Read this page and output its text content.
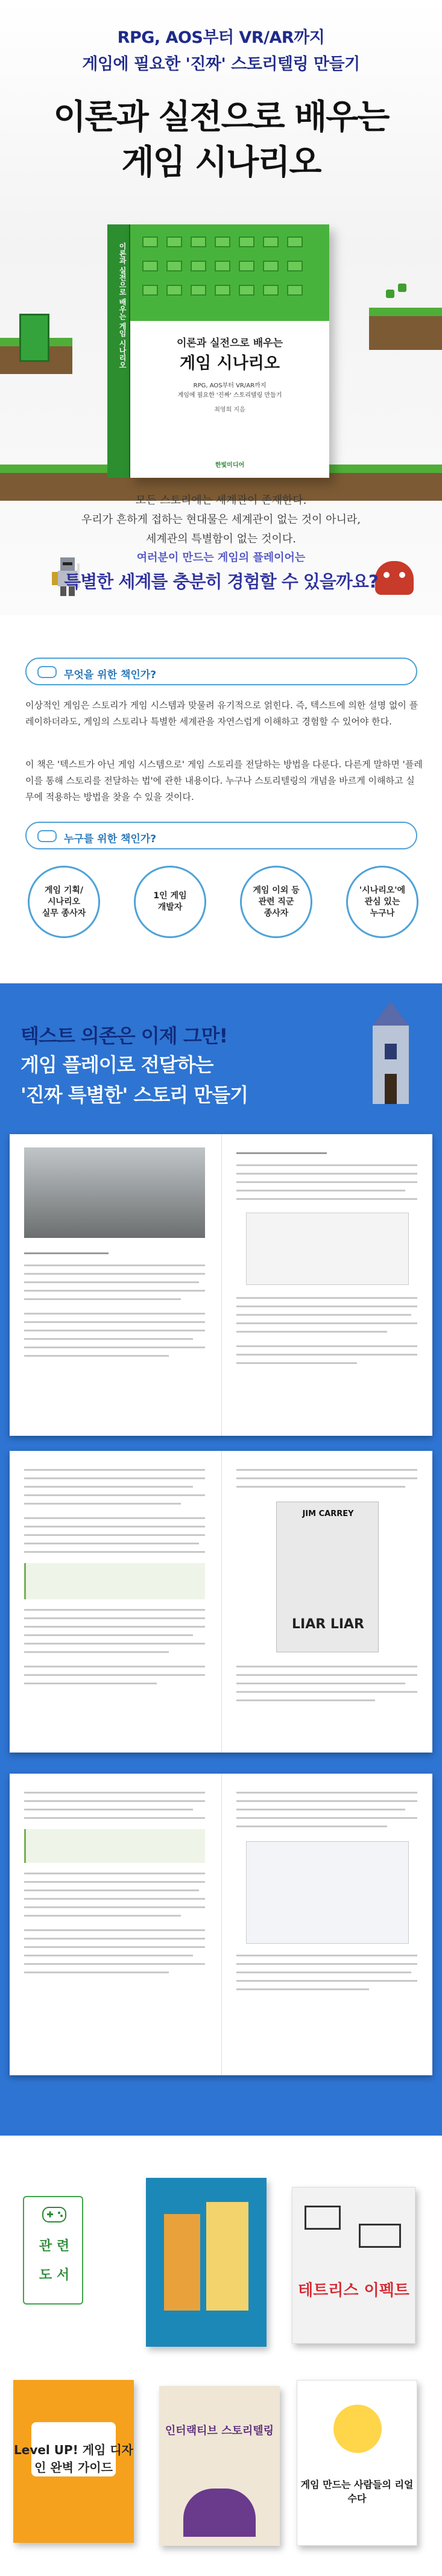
RPG, AOS부터 VR/AR까지
게임에 필요한 '진짜' 스토리텔링 만들기
이론과 실전으로 배우는
게임 시나리오
이론과 실전으로 배우는 게임 시나리오	이론과 실전으로 배우는
게임 시나리오
RPG, AOS부터 VR/AR까지
게임에 필요한 '진짜' 스토리텔링 만들기
최영희 지음
한빛미디어
모든 스토리에는 세계관이 존재한다.
우리가 흔하게 접하는 현대물은 세계관이 없는 것이 아니라,
세계관의 특별함이 없는 것이다.
여러분이 만드는 게임의 플레이어는
특별한 세계를 충분히 경험할 수 있을까요?
무엇을 위한 책인가?
이상적인 게임은 스토리가 게임 시스템과 맞물려 유기적으로 얽힌다. 즉, 텍스트에 의한 설명 없이 플레이하더라도, 게임의 스토리나 특별한 세계관을 자연스럽게 이해하고 경험할 수 있어야 한다.
이 책은 '텍스트가 아닌 게임 시스템으로' 게임 스토리를 전달하는 방법을 다룬다. 다른게 말하면 '플레이를 통해 스토리를 전달하는 법'에 관한 내용이다. 누구나 스토리텔링의 개념을 바르게 이해하고 실무에 적용하는 방법을 찾을 수 있을 것이다.
누구를 위한 책인가?
게임 기획/
시나리오
실무 종사자
1인 게임
개발자
게임 이외 등
관련 직군
종사자
'시나리오'에
관심 있는
누구나
텍스트 의존은 이제 그만!
게임 플레이로 전달하는
'진짜 특별한' 스토리 만들기
JIM CARREY
LIAR LIAR
관 련
도 서
테트리스 이펙트
Level UP! 게임 디자인 완벽 가이드
인터랙티브 스토리텔링
게임 만드는 사람들의 리얼 수다
